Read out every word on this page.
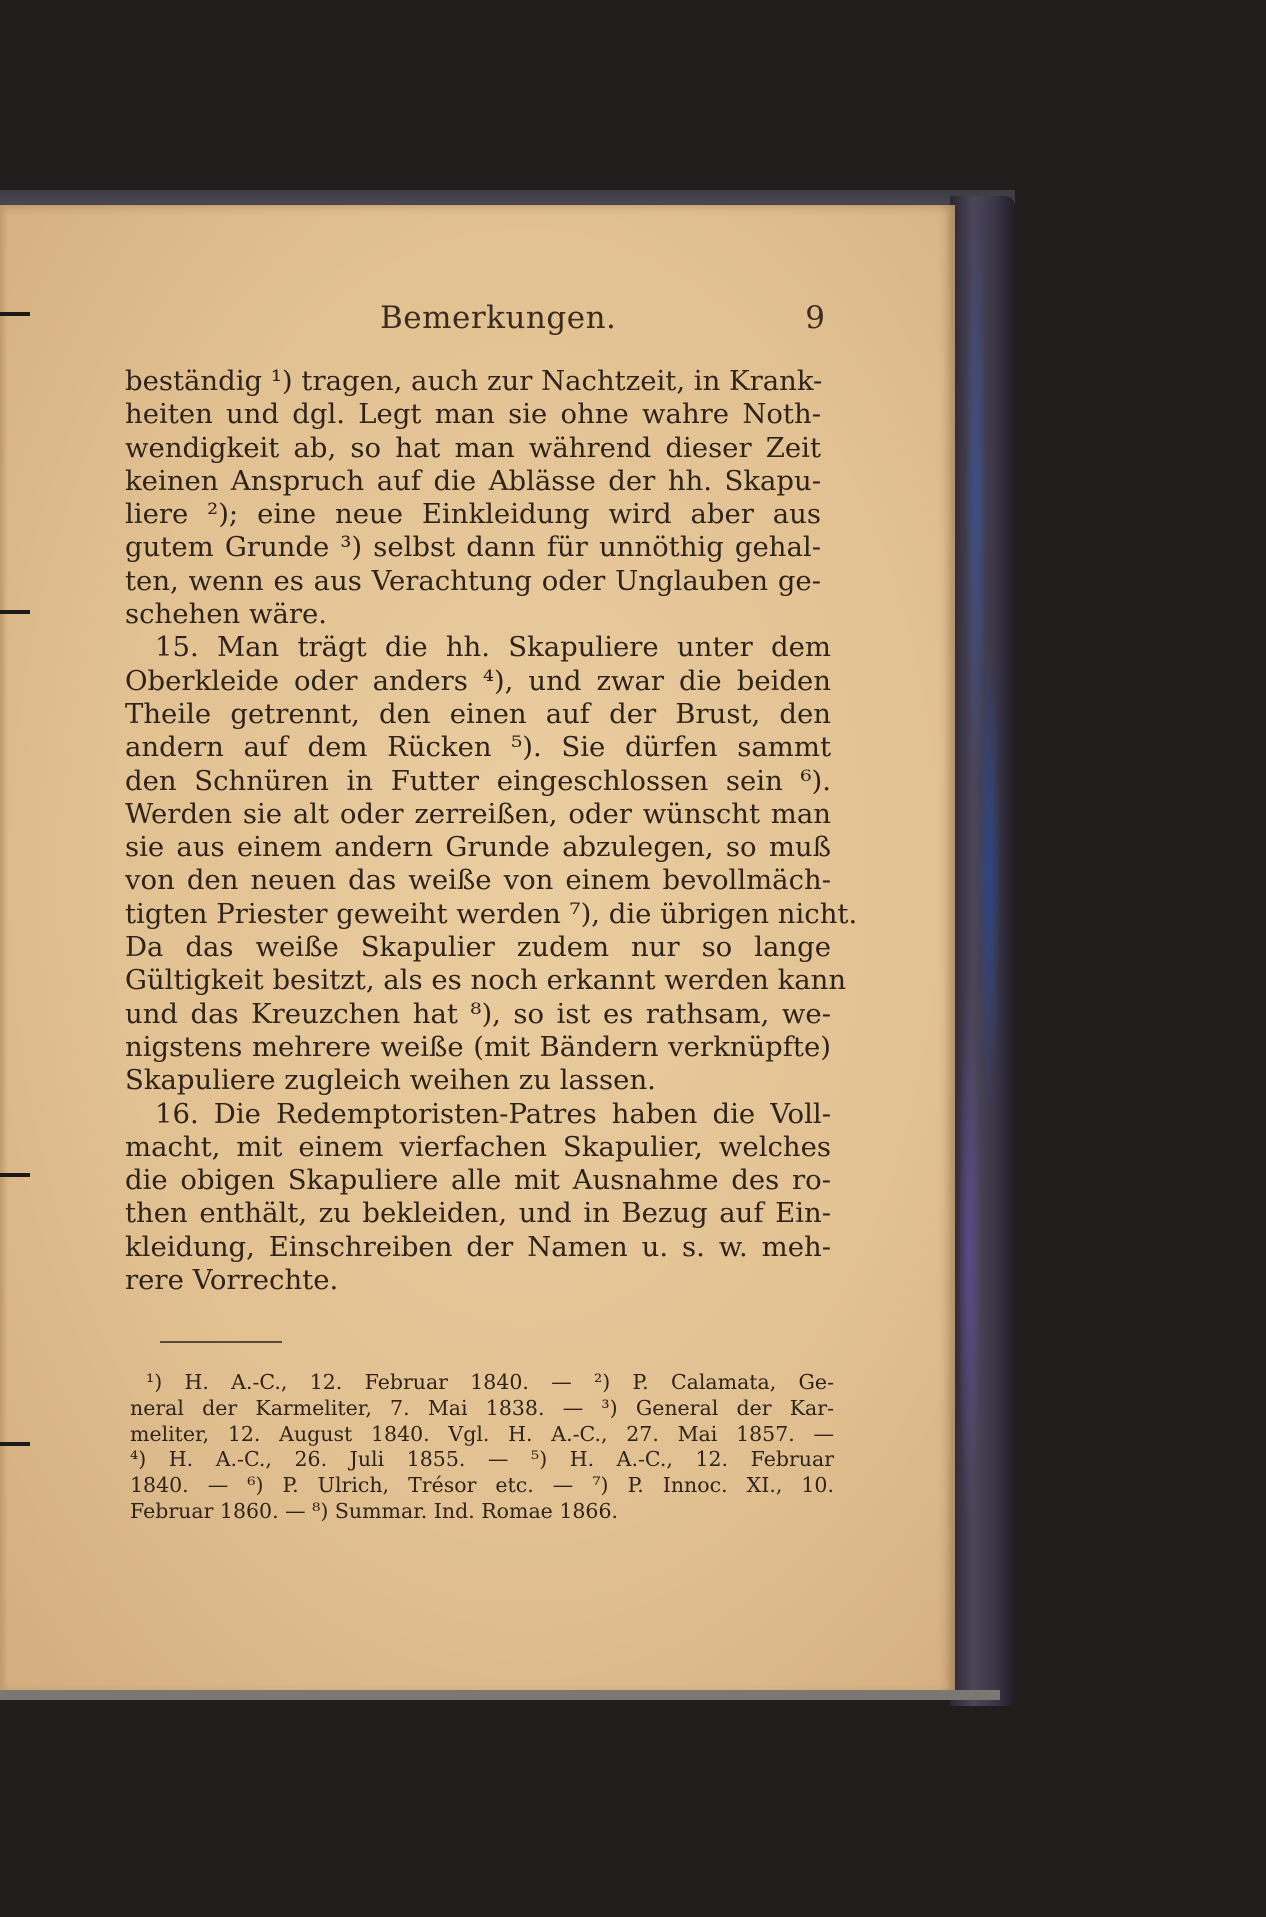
Bemerkungen.	9
beständig ¹) tragen, auch zur Nachtzeit, in Krank-
heiten und dgl. Legt man sie ohne wahre Noth-
wendigkeit ab, so hat man während dieser Zeit
keinen Anspruch auf die Ablässe der hh. Skapu-
liere ²); eine neue Einkleidung wird aber aus
gutem Grunde ³) selbst dann für unnöthig gehal-
ten, wenn es aus Verachtung oder Unglauben ge-
schehen wäre.
15. Man trägt die hh. Skapuliere unter dem
Oberkleide oder anders ⁴), und zwar die beiden
Theile getrennt, den einen auf der Brust, den
andern auf dem Rücken ⁵). Sie dürfen sammt
den Schnüren in Futter eingeschlossen sein ⁶).
Werden sie alt oder zerreißen, oder wünscht man
sie aus einem andern Grunde abzulegen, so muß
von den neuen das weiße von einem bevollmäch-
tigten Priester geweiht werden ⁷), die übrigen nicht.
Da das weiße Skapulier zudem nur so lange
Gültigkeit besitzt, als es noch erkannt werden kann
und das Kreuzchen hat ⁸), so ist es rathsam, we-
nigstens mehrere weiße (mit Bändern verknüpfte)
Skapuliere zugleich weihen zu lassen.
16. Die Redemptoristen-Patres haben die Voll-
macht, mit einem vierfachen Skapulier, welches
die obigen Skapuliere alle mit Ausnahme des ro-
then enthält, zu bekleiden, und in Bezug auf Ein-
kleidung, Einschreiben der Namen u. s. w. meh-
rere Vorrechte.
¹) H. A.-C., 12. Februar 1840. — ²) P. Calamata, Ge-
neral der Karmeliter, 7. Mai 1838. — ³) General der Kar-
meliter, 12. August 1840. Vgl. H. A.-C., 27. Mai 1857. —
⁴) H. A.-C., 26. Juli 1855. — ⁵) H. A.-C., 12. Februar
1840. — ⁶) P. Ulrich, Trésor etc. — ⁷) P. Innoc. XI., 10.
Februar 1860. — ⁸) Summar. Ind. Romae 1866.
